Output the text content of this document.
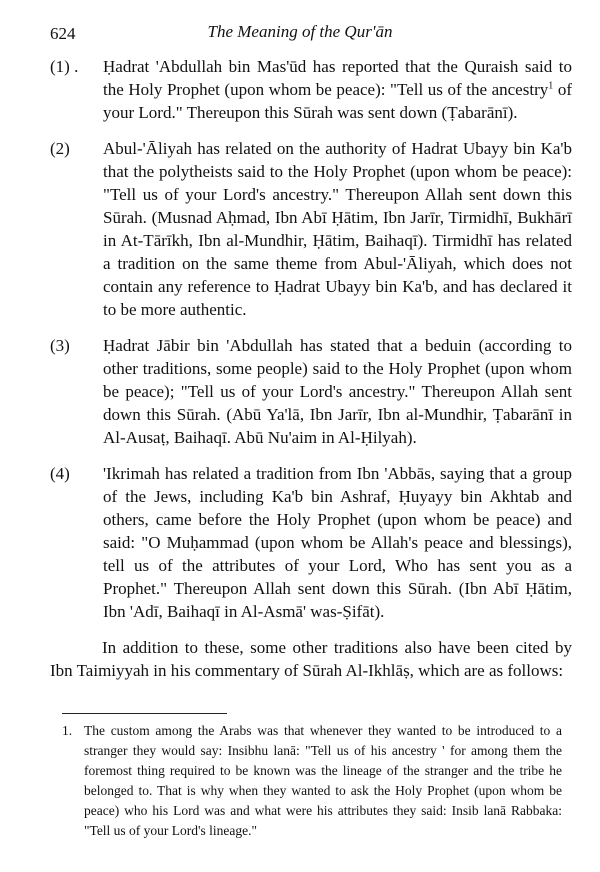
624	The Meaning of the Qur'ān
(1) .	Ḥadrat 'Abdullah bin Mas'ūd has reported that the Quraish said to the Holy Prophet (upon whom be peace): "Tell us of the ancestry$^1$ of your Lord." Thereupon this Sūrah was sent down (Ṭabarānī).
(2)	Abul-'Āliyah has related on the authority of Hadrat Ubayy bin Ka'b that the polytheists said to the Holy Prophet (upon whom be peace): "Tell us of your Lord's ancestry." Thereupon Allah sent down this Sūrah. (Musnad Aḥmad, Ibn Abī Ḥātim, Ibn Jarīr, Tirmidhī, Bukhārī in At-Tārīkh, Ibn al-Mundhir, Ḥātim, Baihaqī). Tirmidhī has related a tradition on the same theme from Abul-'Āliyah, which does not contain any reference to Ḥadrat Ubayy bin Ka'b, and has declared it to be more authentic.
(3)	Ḥadrat Jābir bin 'Abdullah has stated that a beduin (according to other traditions, some people) said to the Holy Prophet (upon whom be peace); "Tell us of your Lord's ancestry." Thereupon Allah sent down this Sūrah. (Abū Ya'lā, Ibn Jarīr, Ibn al-Mundhir, Ṭabarānī in Al-Ausaṭ, Baihaqī. Abū Nu'aim in Al-Ḥilyah).
(4)	'Ikrimah has related a tradition from Ibn 'Abbās, saying that a group of the Jews, including Ka'b bin Ashraf, Ḥuyayy bin Akhtab and others, came before the Holy Prophet (upon whom be peace) and said: "O Muḥammad (upon whom be Allah's peace and blessings), tell us of the attributes of your Lord, Who has sent you as a Prophet." Thereupon Allah sent down this Sūrah. (Ibn Abī Ḥātim, Ibn 'Adī, Baihaqī in Al-Asmā' was-Ṣifāt).

In addition to these, some other traditions also have been cited by Ibn Taimiyyah in his commentary of Sūrah Al-Ikhlāṣ, which are as follows:

1. The custom among the Arabs was that whenever they wanted to be introduced to a stranger they would say: Insibhu lanā: "Tell us of his ancestry ' for among them the foremost thing required to be known was the lineage of the stranger and the tribe he belonged to. That is why when they wanted to ask the Holy Prophet (upon whom be peace) who his Lord was and what were his attributes they said: Insib lanā Rabbaka: "Tell us of your Lord's lineage."
